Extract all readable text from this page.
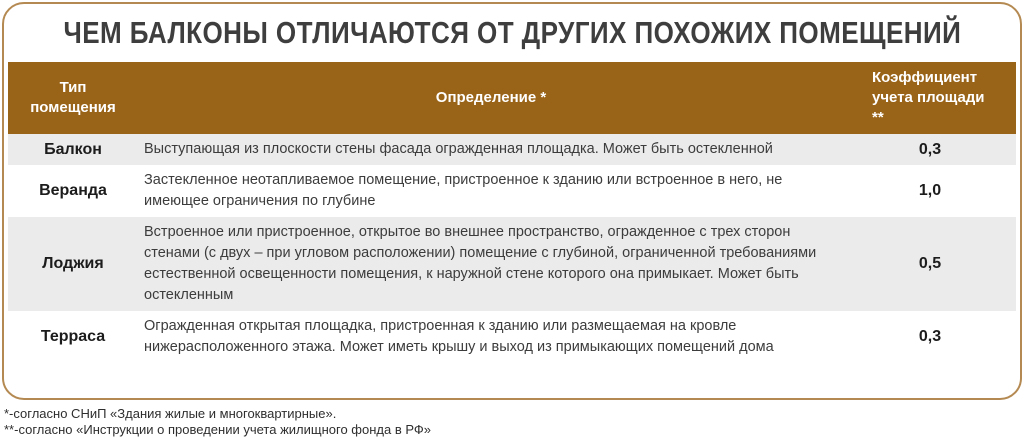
ЧЕМ БАЛКОНЫ ОТЛИЧАЮТСЯ ОТ ДРУГИХ ПОХОЖИХ ПОМЕЩЕНИЙ
Тип помещения
Определение *
Коэффициент учета площади **
Балкон	Выступающая из плоскости стены фасада огражденная площадка. Может быть остекленной	0,3
Веранда
Застекленное неотапливаемое помещение, пристроенное к зданию или встроенное в него, не имеющее ограничения по глубине
1,0
Лоджия
Встроенное или пристроенное, открытое во внешнее пространство, огражденное с трех сторон стенами (с двух – при угловом расположении) помещение с глубиной, ограниченной требованиями естественной освещенности помещения, к наружной стене которого она примыкает. Может быть остекленным
0,5
Терраса
Огражденная открытая площадка, пристроенная к зданию или размещаемая на кровле нижерасположенного этажа. Может иметь крышу и выход из примыкающих помещений дома
0,3
*-согласно СНиП «Здания жилые и многоквартирные».
**-согласно «Инструкции о проведении учета жилищного фонда в РФ»
